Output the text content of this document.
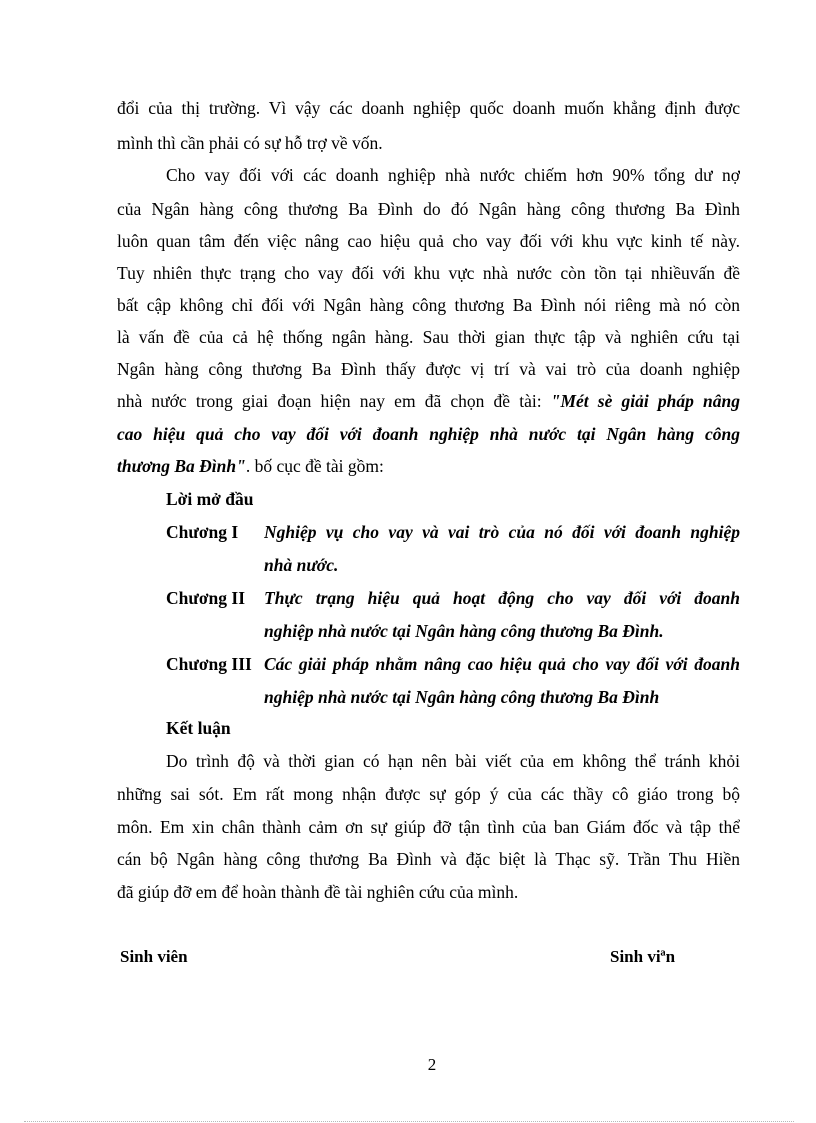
đổi của thị trường. Vì vậy các doanh nghiệp quốc doanh muốn khẳng định được
mình thì cần phải có sự hỗ trợ về vốn.
Cho vay đối với các doanh nghiệp nhà nước chiếm hơn 90% tổng dư nợ
của Ngân hàng công thương Ba Đình do đó Ngân hàng công thương Ba Đình
luôn quan tâm đến việc nâng cao hiệu quả cho vay đối với khu vực kinh tế này.
Tuy nhiên thực trạng cho vay đối với khu vực nhà nước còn tồn tại nhiềuvấn đề
bất cập không chỉ đối với Ngân hàng công thương Ba Đình nói riêng mà nó còn
là vấn đề của cả hệ thống ngân hàng. Sau thời gian thực tập và nghiên cứu tại
Ngân hàng công thương Ba Đình thấy được vị trí và vai trò của doanh nghiệp
nhà nước trong giai đoạn hiện nay em đã chọn đề tài: "Mét sè giải pháp nâng
cao hiệu quả cho vay đối với đoanh nghiệp nhà nước tại Ngân hàng công
thương Ba Đình". bố cục đề tài gồm:
Lời mở đầu
Chương I Nghiệp vụ cho vay và vai trò của nó đối với đoanh nghiệp
nhà nước.
Chương II Thực trạng hiệu quả hoạt động cho vay đối với đoanh
nghiệp nhà nước tại Ngân hàng công thương Ba Đình.
Chương III Các giải pháp nhằm nâng cao hiệu quả cho vay đối với đoanh
nghiệp nhà nước tại Ngân hàng công thương Ba Đình
Kết luận
Do trình độ và thời gian có hạn nên bài viết của em không thể tránh khỏi
những sai sót. Em rất mong nhận được sự góp ý của các thầy cô giáo trong bộ
môn. Em xin chân thành cảm ơn sự giúp đỡ tận tình của ban Giám đốc và tập thể
cán bộ Ngân hàng công thương Ba Đình và đặc biệt là Thạc sỹ. Trần Thu Hiền
đã giúp đỡ em để hoàn thành đề tài nghiên cứu của mình.
Sinh viên	Sinh viªn
2
